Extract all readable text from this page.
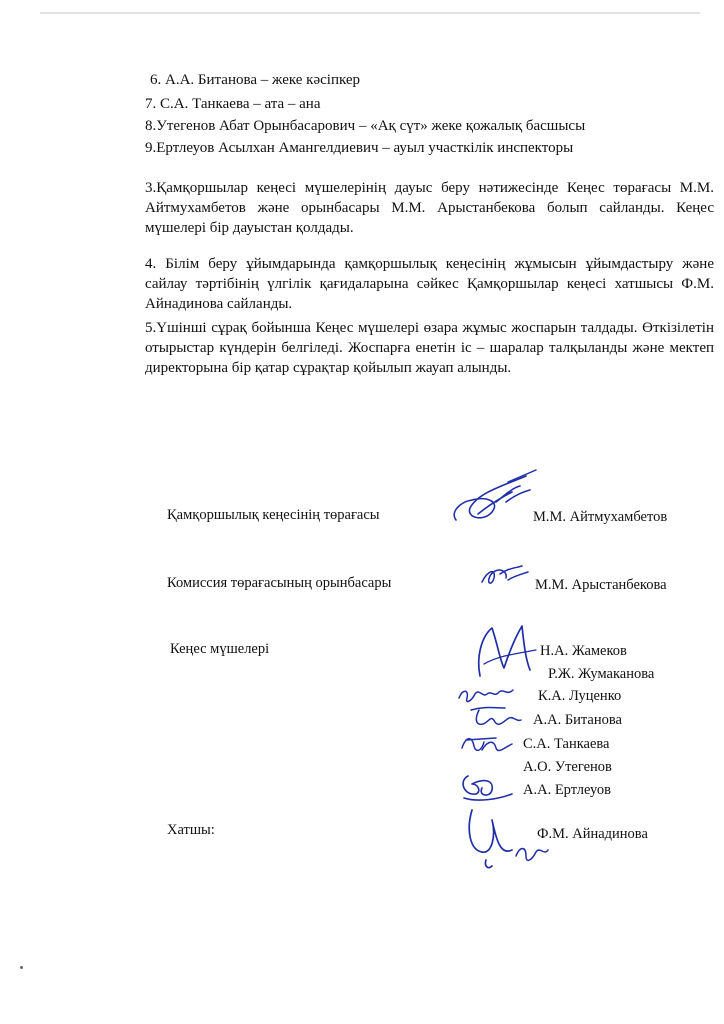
6. А.А. Битанова – жеке кәсіпкер
7. С.А. Танкаева – ата – ана
8.Утегенов Абат Орынбасарович – «Ақ сүт» жеке қожалық басшысы
9.Ертлеуов Асылхан Амангелдиевич – ауыл участкілік инспекторы
3.Қамқоршылар кеңесі мүшелерінің дауыс беру нәтижесінде Кеңес төрағасы М.М. Айтмухамбетов және орынбасары М.М. Арыстанбекова болып сайланды. Кеңес мүшелері бір дауыстан қолдады.
4. Білім беру ұйымдарында қамқоршылық кеңесінің жұмысын ұйымдастыру және сайлау тәртібінің үлгілік қағидаларына сәйкес Қамқоршылар кеңесі хатшысы Ф.М. Айнадинова сайланды.
5.Үшінші сұрақ бойынша Кеңес мүшелері өзара жұмыс жоспарын талдады. Өткізілетін отырыстар күндерін белгіледі. Жоспарға енетін іс – шаралар талқыланды және мектеп директорына бір қатар сұрақтар қойылып жауап алынды.
Қамқоршылық кеңесінің төрағасы	М.М. Айтмухамбетов
Комиссия төрағасының орынбасары	М.М. Арыстанбекова
Кеңес мүшелері	Н.А. Жамеков
Р.Ж. Жумаканова
К.А. Луценко
А.А. Битанова
С.А. Танкаева
А.О. Утегенов
А.А. Ертлеуов
Хатшы:	Ф.М. Айнадинова
